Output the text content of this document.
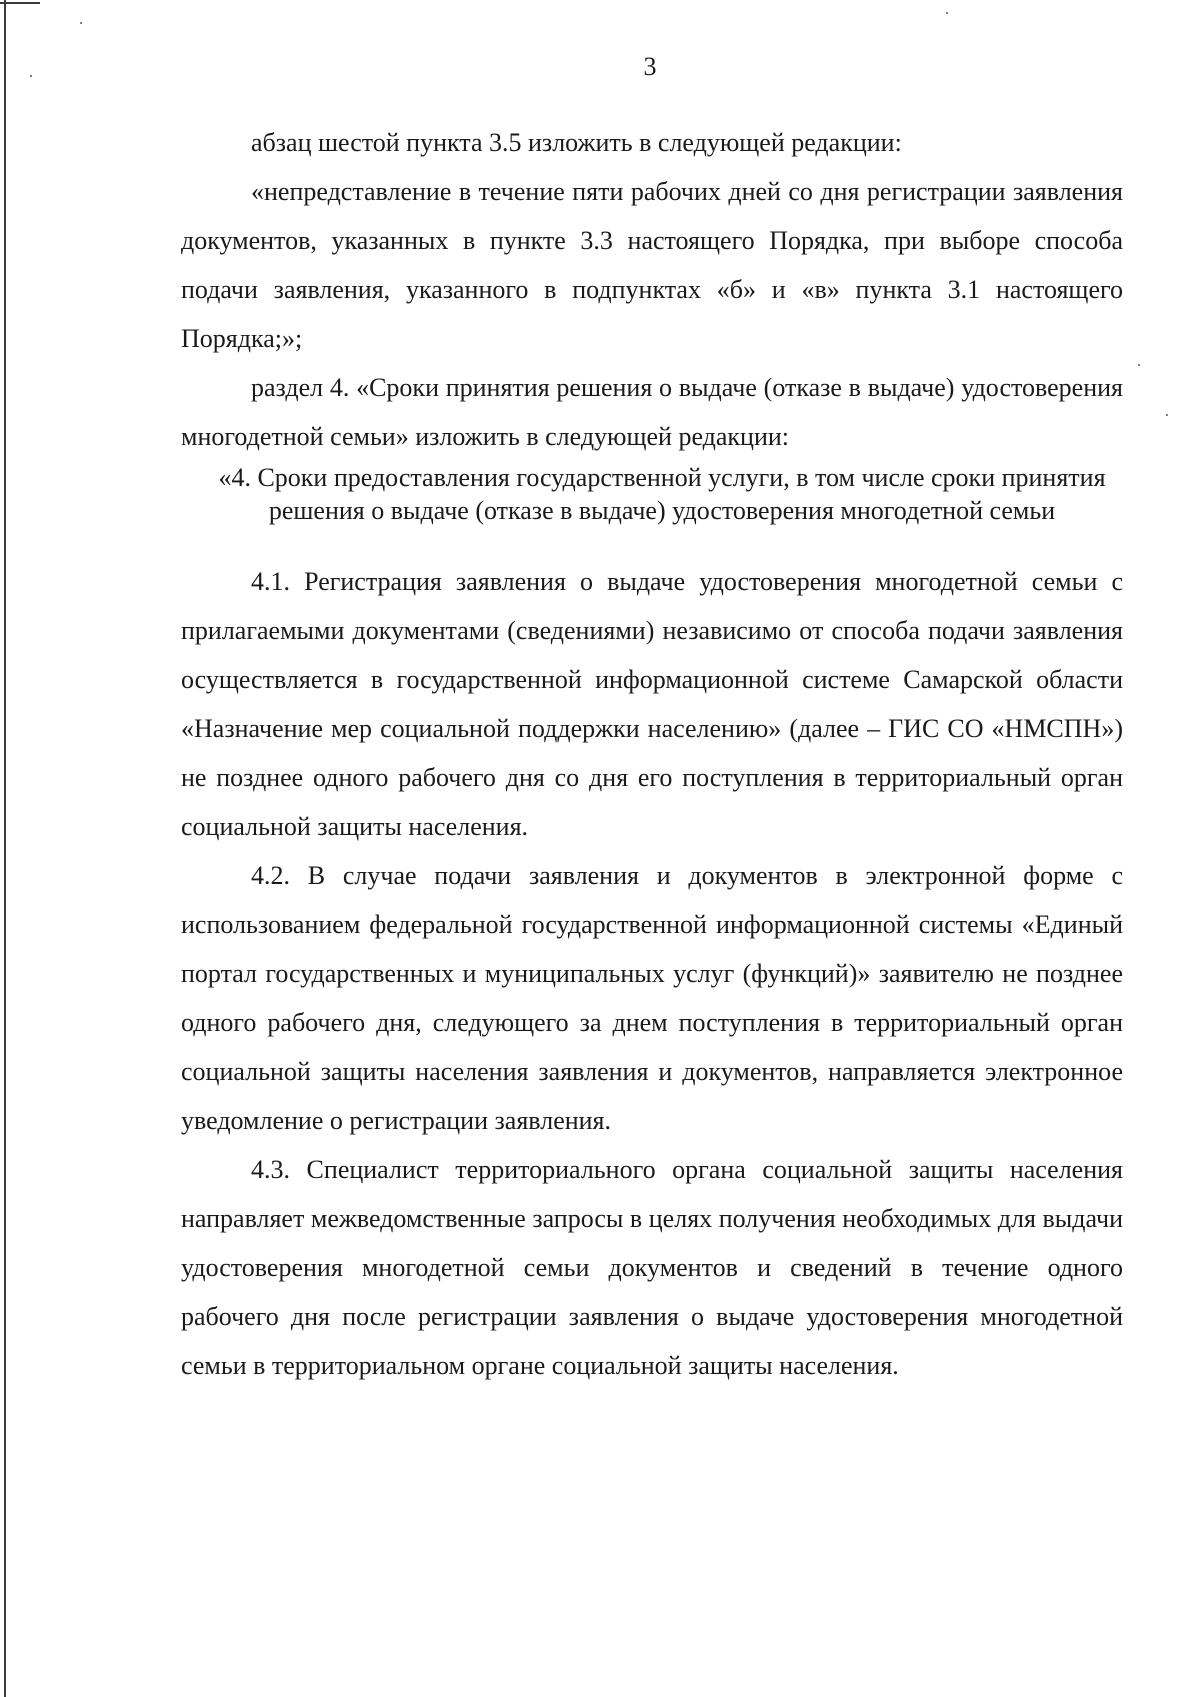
3

абзац шестой пункта 3.5 изложить в следующей редакции:

«непредставление в течение пяти рабочих дней со дня регистрации заявления документов, указанных в пункте 3.3 настоящего Порядка, при выборе способа подачи заявления, указанного в подпунктах «б» и «в» пункта 3.1 настоящего Порядка;»;

раздел 4. «Сроки принятия решения о выдаче (отказе в выдаче) удостоверения многодетной семьи» изложить в следующей редакции:

«4. Сроки предоставления государственной услуги, в том числе сроки принятия решения о выдаче (отказе в выдаче) удостоверения многодетной семьи

4.1. Регистрация заявления о выдаче удостоверения многодетной семьи с прилагаемыми документами (сведениями) независимо от способа подачи заявления осуществляется в государственной информационной системе Самарской области «Назначение мер социальной поддержки населению» (далее – ГИС СО «НМСПН») не позднее одного рабочего дня со дня его поступления в территориальный орган социальной защиты населения.

4.2. В случае подачи заявления и документов в электронной форме с использованием федеральной государственной информационной системы «Единый портал государственных и муниципальных услуг (функций)» заявителю не позднее одного рабочего дня, следующего за днем поступления в территориальный орган социальной защиты населения заявления и документов, направляется электронное уведомление о регистрации заявления.

4.3. Специалист территориального органа социальной защиты населения направляет межведомственные запросы в целях получения необходимых для выдачи удостоверения многодетной семьи документов и сведений в течение одного рабочего дня после регистрации заявления о выдаче удостоверения многодетной семьи в территориальном органе социальной защиты населения.
